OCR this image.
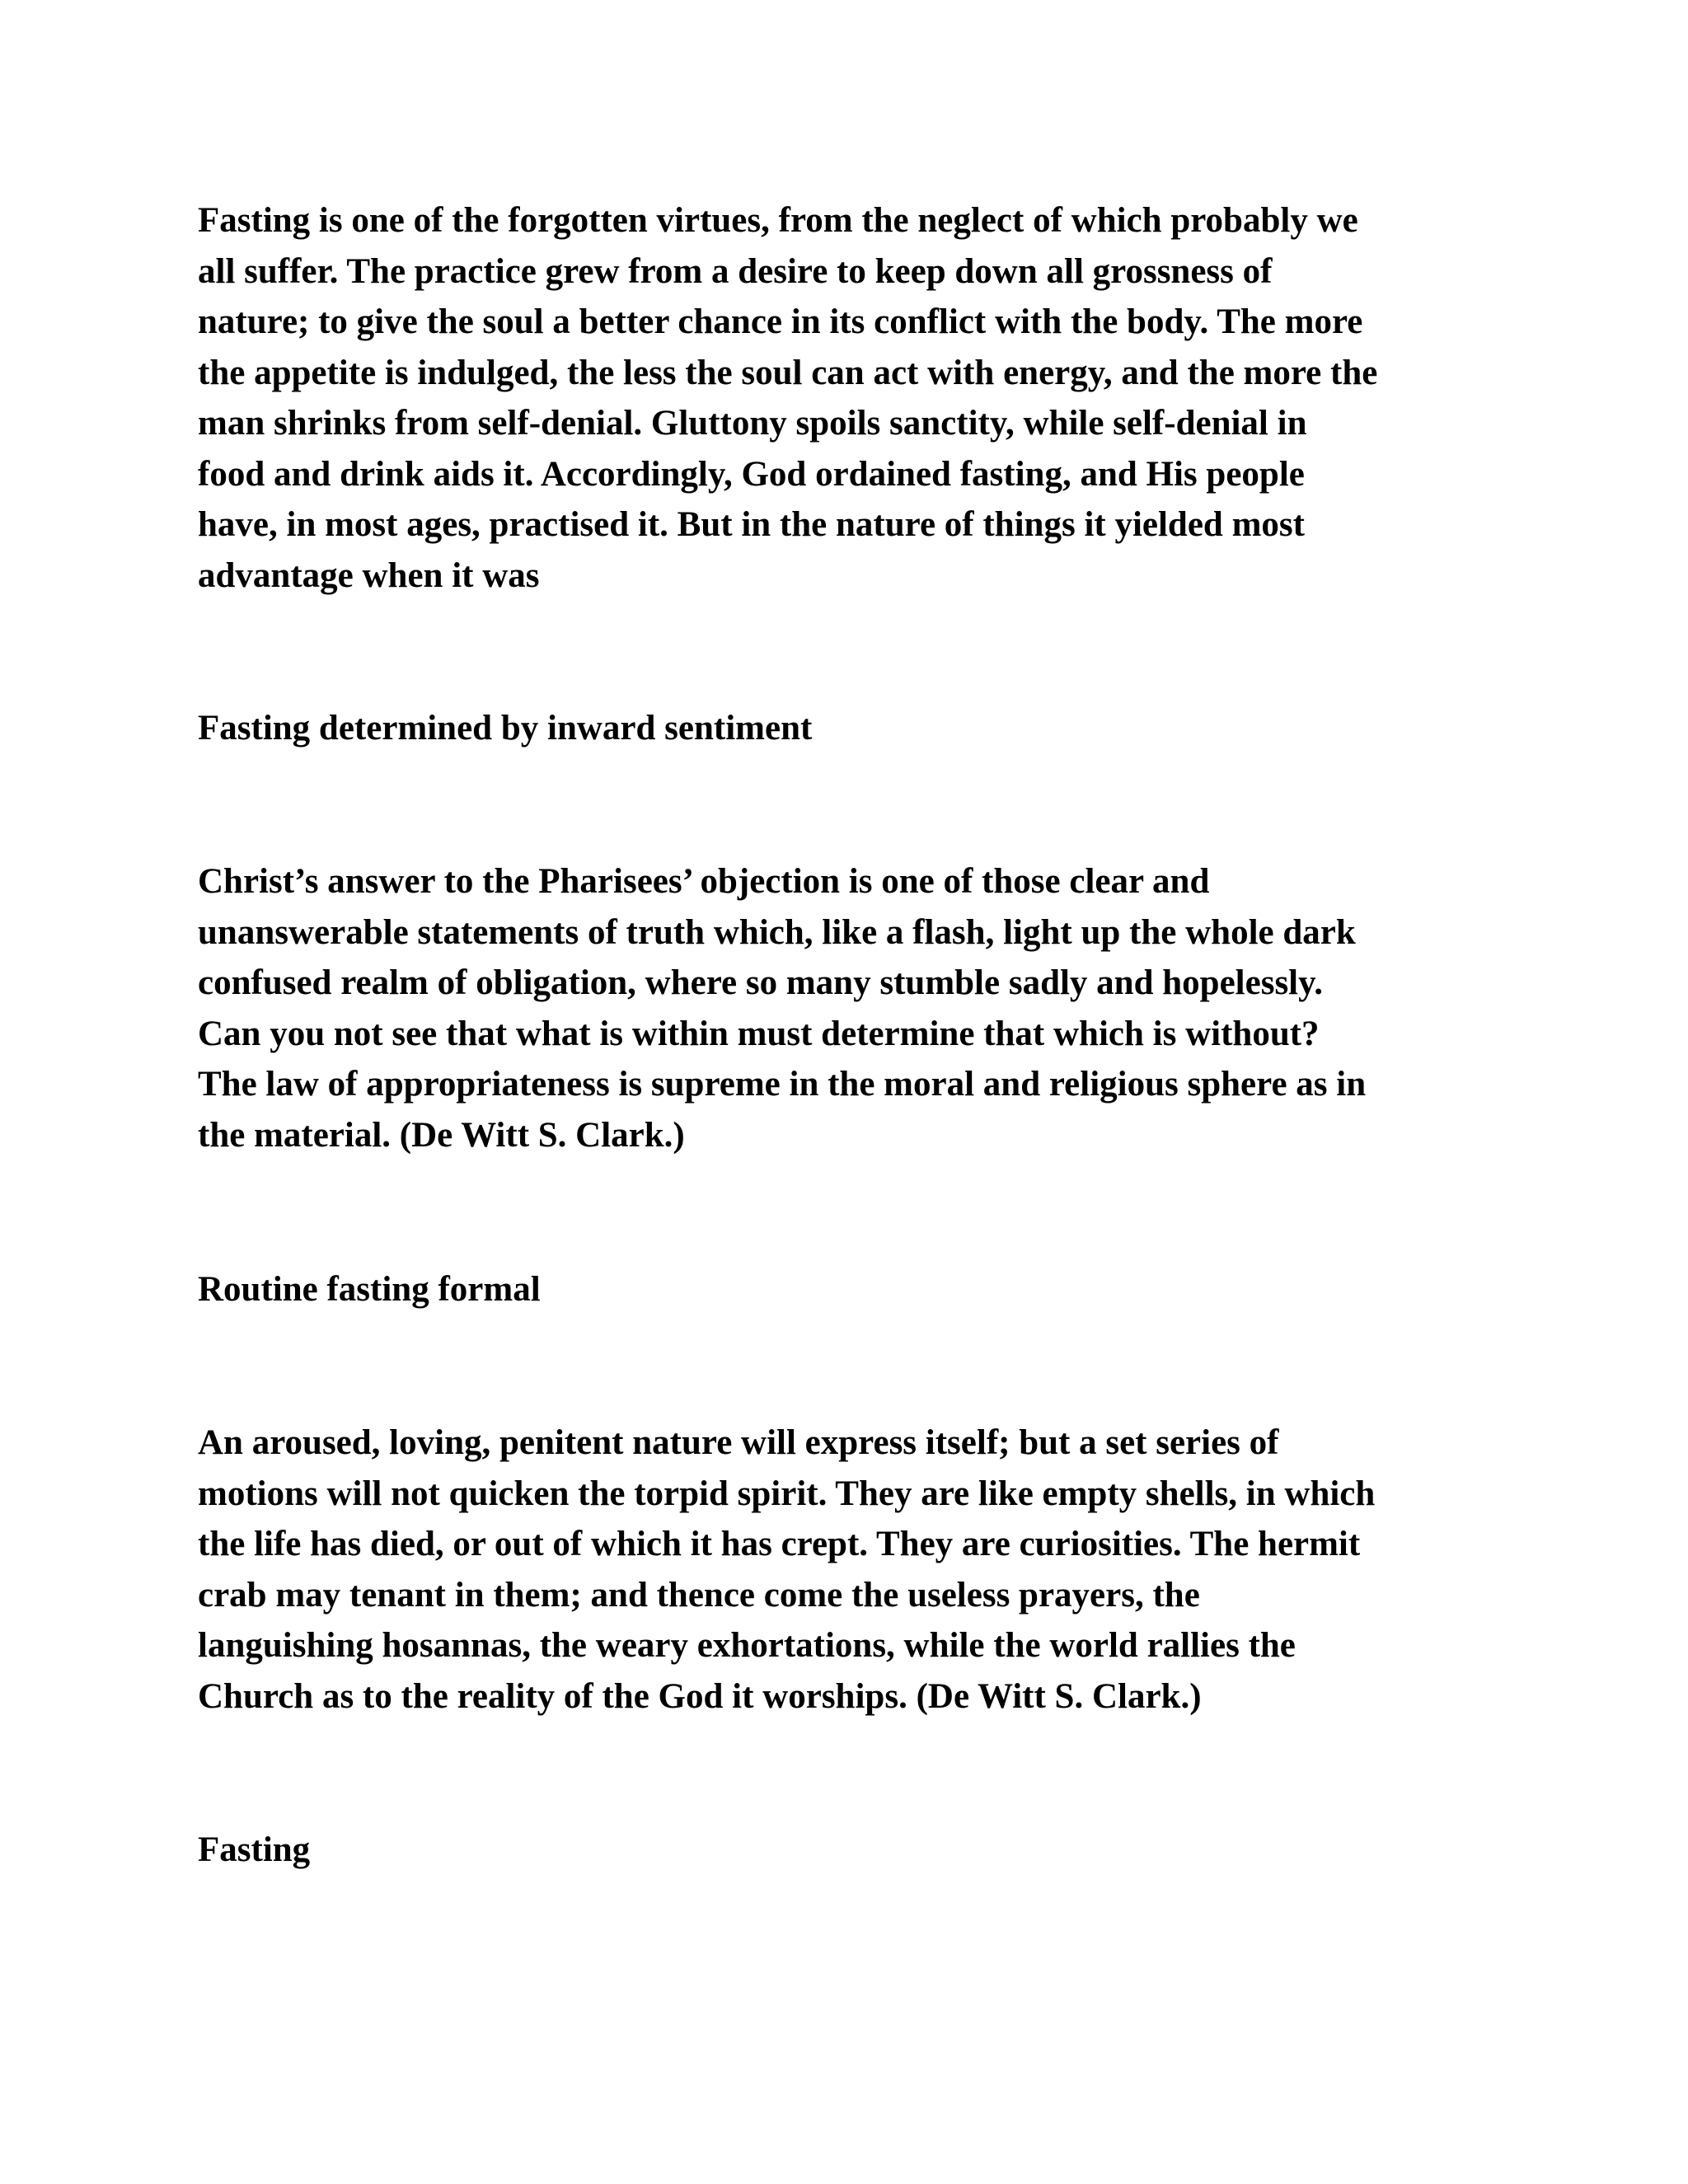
Fasting is one of the forgotten virtues, from the neglect of which probably we
all suffer. The practice grew from a desire to keep down all grossness of
nature; to give the soul a better chance in its conflict with the body. The more
the appetite is indulged, the less the soul can act with energy, and the more the
man shrinks from self-denial. Gluttony spoils sanctity, while self-denial in
food and drink aids it. Accordingly, God ordained fasting, and His people
have, in most ages, practised it. But in the nature of things it yielded most
advantage when it was
Fasting determined by inward sentiment
Christ’s answer to the Pharisees’ objection is one of those clear and
unanswerable statements of truth which, like a flash, light up the whole dark
confused realm of obligation, where so many stumble sadly and hopelessly.
Can you not see that what is within must determine that which is without?
The law of appropriateness is supreme in the moral and religious sphere as in
the material. (De Witt S. Clark.)
Routine fasting formal
An aroused, loving, penitent nature will express itself; but a set series of
motions will not quicken the torpid spirit. They are like empty shells, in which
the life has died, or out of which it has crept. They are curiosities. The hermit
crab may tenant in them; and thence come the useless prayers, the
languishing hosannas, the weary exhortations, while the world rallies the
Church as to the reality of the God it worships. (De Witt S. Clark.)
Fasting
